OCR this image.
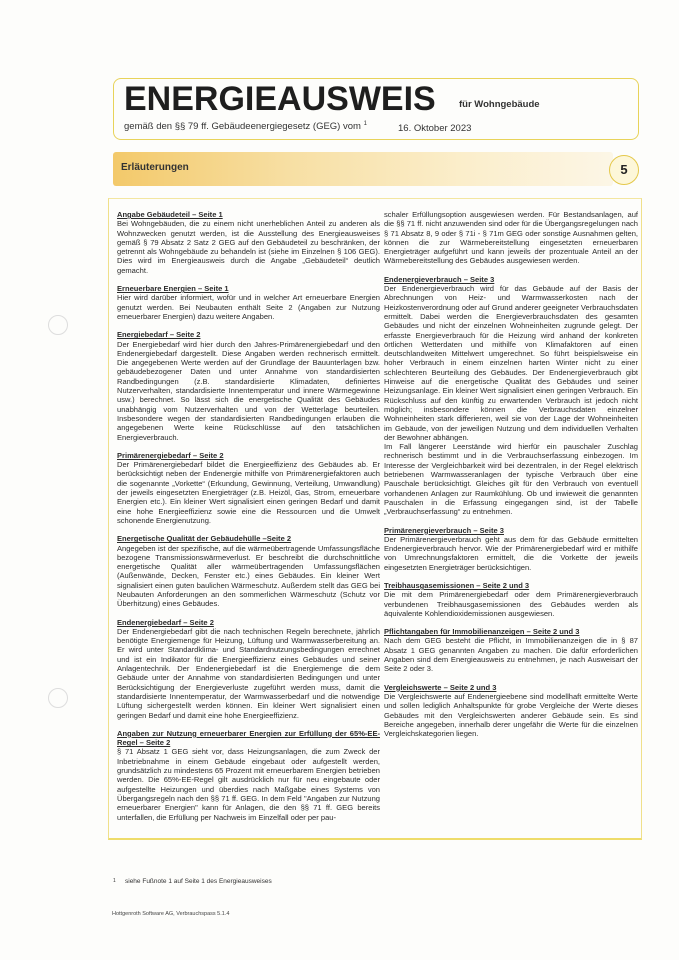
ENERGIEAUSWEIS für Wohngebäude
gemäß den §§ 79 ff. Gebäudeenergiegesetz (GEG) vom $^1$	16. Oktober 2023
Erläuterungen	5
Angabe Gebäudeteil – Seite 1
Bei Wohngebäuden, die zu einem nicht unerheblichen Anteil zu anderen als Wohnzwecken genutzt werden, ist die Ausstellung des Energieausweises gemäß § 79 Absatz 2 Satz 2 GEG auf den Gebäudeteil zu beschränken, der getrennt als Wohngebäude zu behandeln ist (siehe im Einzelnen § 106 GEG). Dies wird im Energieausweis durch die Angabe „Gebäudeteil“ deutlich gemacht.
Erneuerbare Energien – Seite 1
Hier wird darüber informiert, wofür und in welcher Art erneuerbare Energien genutzt werden. Bei Neubauten enthält Seite 2 (Angaben zur Nutzung erneuerbarer Energien) dazu weitere Angaben.
Energiebedarf – Seite 2
Der Energiebedarf wird hier durch den Jahres-Primärenergiebedarf und den Endenergiebedarf dargestellt. Diese Angaben werden rechnerisch ermittelt. Die angegebenen Werte werden auf der Grundlage der Bauunterlagen bzw. gebäudebezogener Daten und unter Annahme von standardisierten Randbedingungen (z.B. standardisierte Klimadaten, definiertes Nutzerverhalten, standardisierte Innentemperatur und innere Wärmegewinne usw.) berechnet. So lässt sich die energetische Qualität des Gebäudes unabhängig vom Nutzerverhalten und von der Wetterlage beurteilen. Insbesondere wegen der standardisierten Randbedingungen erlauben die angegebenen Werte keine Rückschlüsse auf den tatsächlichen Energieverbrauch.
Primärenergiebedarf – Seite 2
Der Primärenergiebedarf bildet die Energieeffizienz des Gebäudes ab. Er berücksichtigt neben der Endenergie mithilfe von Primärenergiefaktoren auch die sogenannte „Vorkette“ (Erkundung, Gewinnung, Verteilung, Umwandlung) der jeweils eingesetzten Energieträger (z.B. Heizöl, Gas, Strom, erneuerbare Energien etc.). Ein kleiner Wert signalisiert einen geringen Bedarf und damit eine hohe Energieeffizienz sowie eine die Ressourcen und die Umwelt schonende Energienutzung.
Energetische Qualität der Gebäudehülle –Seite 2
Angegeben ist der spezifische, auf die wärmeübertragende Umfassungsfläche bezogene Transmissionswärmeverlust. Er beschreibt die durchschnittliche energetische Qualität aller wärmeübertragenden Umfassungsflächen (Außenwände, Decken, Fenster etc.) eines Gebäudes. Ein kleiner Wert signalisiert einen guten baulichen Wärmeschutz. Außerdem stellt das GEG bei Neubauten Anforderungen an den sommerlichen Wärmeschutz (Schutz vor Überhitzung) eines Gebäudes.
Endenergiebedarf – Seite 2
Der Endenergiebedarf gibt die nach technischen Regeln berechnete, jährlich benötigte Energiemenge für Heizung, Lüftung und Warmwasserbereitung an. Er wird unter Standardklima- und Standardnutzungsbedingungen errechnet und ist ein Indikator für die Energieeffizienz eines Gebäudes und seiner Anlagentechnik. Der Endenergiebedarf ist die Energiemenge die dem Gebäude unter der Annahme von standardisierten Bedingungen und unter Berücksichtigung der Energieverluste zugeführt werden muss, damit die standardisierte Innentemperatur, der Warmwasserbedarf und die notwendige Lüftung sichergestellt werden können. Ein kleiner Wert signalisiert einen geringen Bedarf und damit eine hohe Energieeffizienz.
Angaben zur Nutzung erneuerbarer Energien zur Erfüllung der 65%-EE-Regel – Seite 2
§ 71 Absatz 1 GEG sieht vor, dass Heizungsanlagen, die zum Zweck der Inbetriebnahme in einem Gebäude eingebaut oder aufgestellt werden, grundsätzlich zu mindestens 65 Prozent mit erneuerbarem Energien betrieben werden. Die 65%-EE-Regel gilt ausdrücklich nur für neu eingebaute oder aufgestellte Heizungen und überdies nach Maßgabe eines Systems von Übergangsregeln nach den §§ 71 ff. GEG. In dem Feld "Angaben zur Nutzung erneuerbarer Energien" kann für Anlagen, die den §§ 71 ff. GEG bereits unterfallen, die Erfüllung per Nachweis im Einzelfall oder per pau-
schaler Erfüllungsoption ausgewiesen werden. Für Bestandsanlagen, auf die §§ 71 ff. nicht anzuwenden sind oder für die Übergangsregelungen nach § 71 Absatz 8, 9 oder § 71i - § 71m GEG oder sonstige Ausnahmen gelten, können die zur Wärmebereitstellung eingesetzten erneuerbaren Energieträger aufgeführt und kann jeweils der prozentuale Anteil an der Wärmebereitstellung des Gebäudes ausgewiesen werden.
Endenergieverbrauch – Seite 3
Der Endenergieverbrauch wird für das Gebäude auf der Basis der Abrechnungen von Heiz- und Warmwasserkosten nach der Heizkostenverordnung oder auf Grund anderer geeigneter Verbrauchsdaten ermittelt. Dabei werden die Energieverbrauchsdaten des gesamten Gebäudes und nicht der einzelnen Wohneinheiten zugrunde gelegt. Der erfasste Energieverbrauch für die Heizung wird anhand der konkreten örtlichen Wetterdaten und mithilfe von Klimafaktoren auf einen deutschlandweiten Mittelwert umgerechnet. So führt beispielsweise ein hoher Verbrauch in einem einzelnen harten Winter nicht zu einer schlechteren Beurteilung des Gebäudes. Der Endenergieverbrauch gibt Hinweise auf die energetische Qualität des Gebäudes und seiner Heizungsanlage. Ein kleiner Wert signalisiert einen geringen Verbrauch. Ein Rückschluss auf den künftig zu erwartenden Verbrauch ist jedoch nicht möglich; insbesondere können die Verbrauchsdaten einzelner Wohneinheiten stark differieren, weil sie von der Lage der Wohneinheiten im Gebäude, von der jeweiligen Nutzung und dem individuellen Verhalten der Bewohner abhängen.
Im Fall längerer Leerstände wird hierfür ein pauschaler Zuschlag rechnerisch bestimmt und in die Verbrauchserfassung einbezogen. Im Interesse der Vergleichbarkeit wird bei dezentralen, in der Regel elektrisch betriebenen Warmwasseranlagen der typische Verbrauch über eine Pauschale berücksichtigt. Gleiches gilt für den Verbrauch von eventuell vorhandenen Anlagen zur Raumkühlung. Ob und inwieweit die genannten Pauschalen in die Erfassung eingegangen sind, ist der Tabelle „Verbrauchserfassung“ zu entnehmen.
Primärenergieverbrauch – Seite 3
Der Primärenergieverbrauch geht aus dem für das Gebäude ermittelten Endenergieverbrauch hervor. Wie der Primärenergiebedarf wird er mithilfe von Umrechnungsfaktoren ermittelt, die die Vorkette der jeweils eingesetzten Energieträger berücksichtigen.
Treibhausgasemissionen – Seite 2 und 3
Die mit dem Primärenergiebedarf oder dem Primärenergieverbrauch verbundenen Treibhausgasemissionen des Gebäudes werden als äquivalente Kohlendioxidemissionen ausgewiesen.
Pflichtangaben für Immobilienanzeigen – Seite 2 und 3
Nach dem GEG besteht die Pflicht, in Immobilienanzeigen die in § 87 Absatz 1 GEG genannten Angaben zu machen. Die dafür erforderlichen Angaben sind dem Energieausweis zu entnehmen, je nach Ausweisart der Seite 2 oder 3.
Vergleichswerte – Seite 2 und 3
Die Vergleichswerte auf Endenergieebene sind modellhaft ermittelte Werte und sollen lediglich Anhaltspunkte für grobe Vergleiche der Werte dieses Gebäudes mit den Vergleichswerten anderer Gebäude sein. Es sind Bereiche angegeben, innerhalb derer ungefähr die Werte für die einzelnen Vergleichskategorien liegen.
1 siehe Fußnote 1 auf Seite 1 des Energieausweises
Hottgenroth Software AG, Verbrauchspass 5.1.4
